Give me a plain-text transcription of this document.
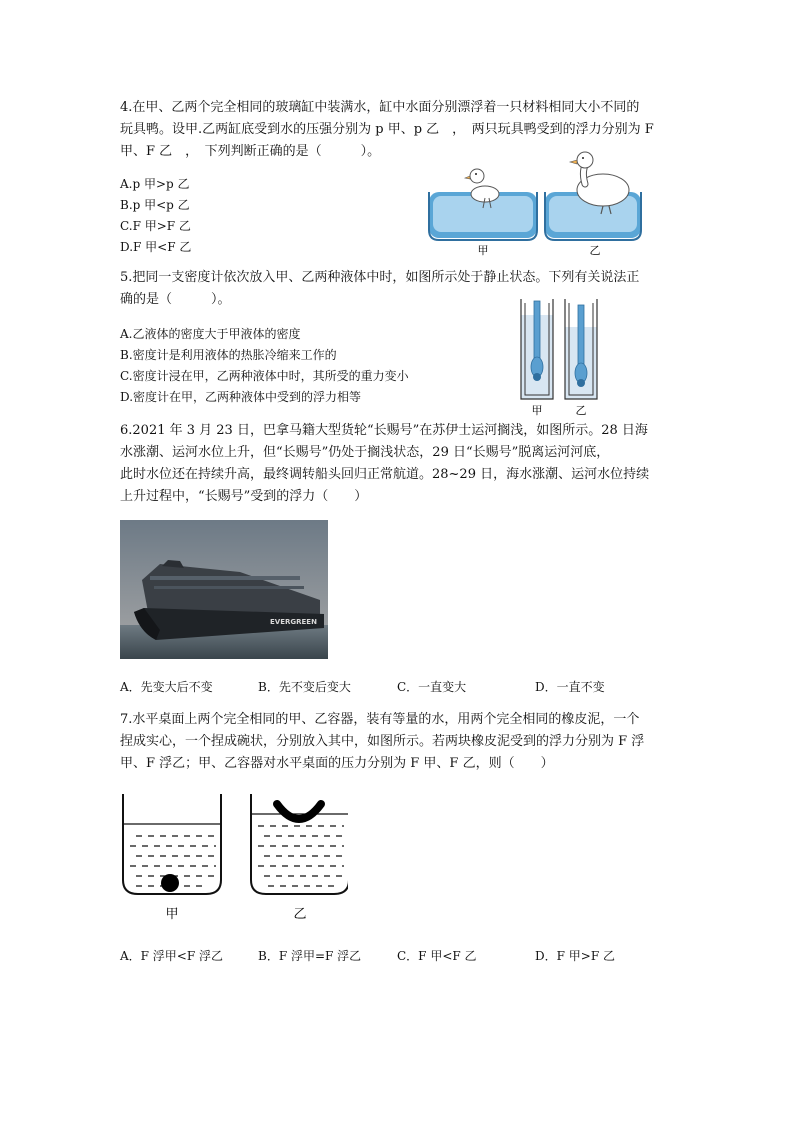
4.在甲、乙两个完全相同的玻璃缸中装满水，缸中水面分别漂浮着一只材料相同大小不同的
玩具鸭。设甲.乙两缸底受到水的压强分别为 p 甲、p 乙　，　两只玩具鸭受到的浮力分别为 F
甲、F 乙　，　下列判断正确的是（　　　）。
A.p 甲>p 乙
B.p 甲<p 乙
C.F 甲>F 乙
D.F 甲<F 乙	甲	乙
5.把同一支密度计依次放入甲、乙两种液体中时，如图所示处于静止状态。下列有关说法正
确的是（　　　）。
A.乙液体的密度大于甲液体的密度
B.密度计是利用液体的热胀冷缩来工作的
C.密度计浸在甲，乙两种液体中时，其所受的重力变小
D.密度计在甲，乙两种液体中受到的浮力相等
甲	乙
6.2021 年 3 月 23 日，巴拿马籍大型货轮“长赐号”在苏伊士运河搁浅，如图所示。28 日海
水涨潮、运河水位上升，但“长赐号”仍处于搁浅状态，29 日“长赐号”脱离运河河底，
此时水位还在持续升高，最终调转船头回归正常航道。28~29 日，海水涨潮、运河水位持续
上升过程中，“长赐号”受到的浮力（　　）
EVERGREEN
A．先变大后不变	B．先不变后变大	C．一直变大	D．一直不变
7.水平桌面上两个完全相同的甲、乙容器，装有等量的水，用两个完全相同的橡皮泥，一个
捏成实心，一个捏成碗状，分别放入其中，如图所示。若两块橡皮泥受到的浮力分别为 F 浮
甲、F 浮乙；甲、乙容器对水平桌面的压力分别为 F 甲、F 乙，则（　　）
甲	乙
A．F 浮甲<F 浮乙	B．F 浮甲=F 浮乙	C．F 甲<F 乙	D．F 甲>F 乙
